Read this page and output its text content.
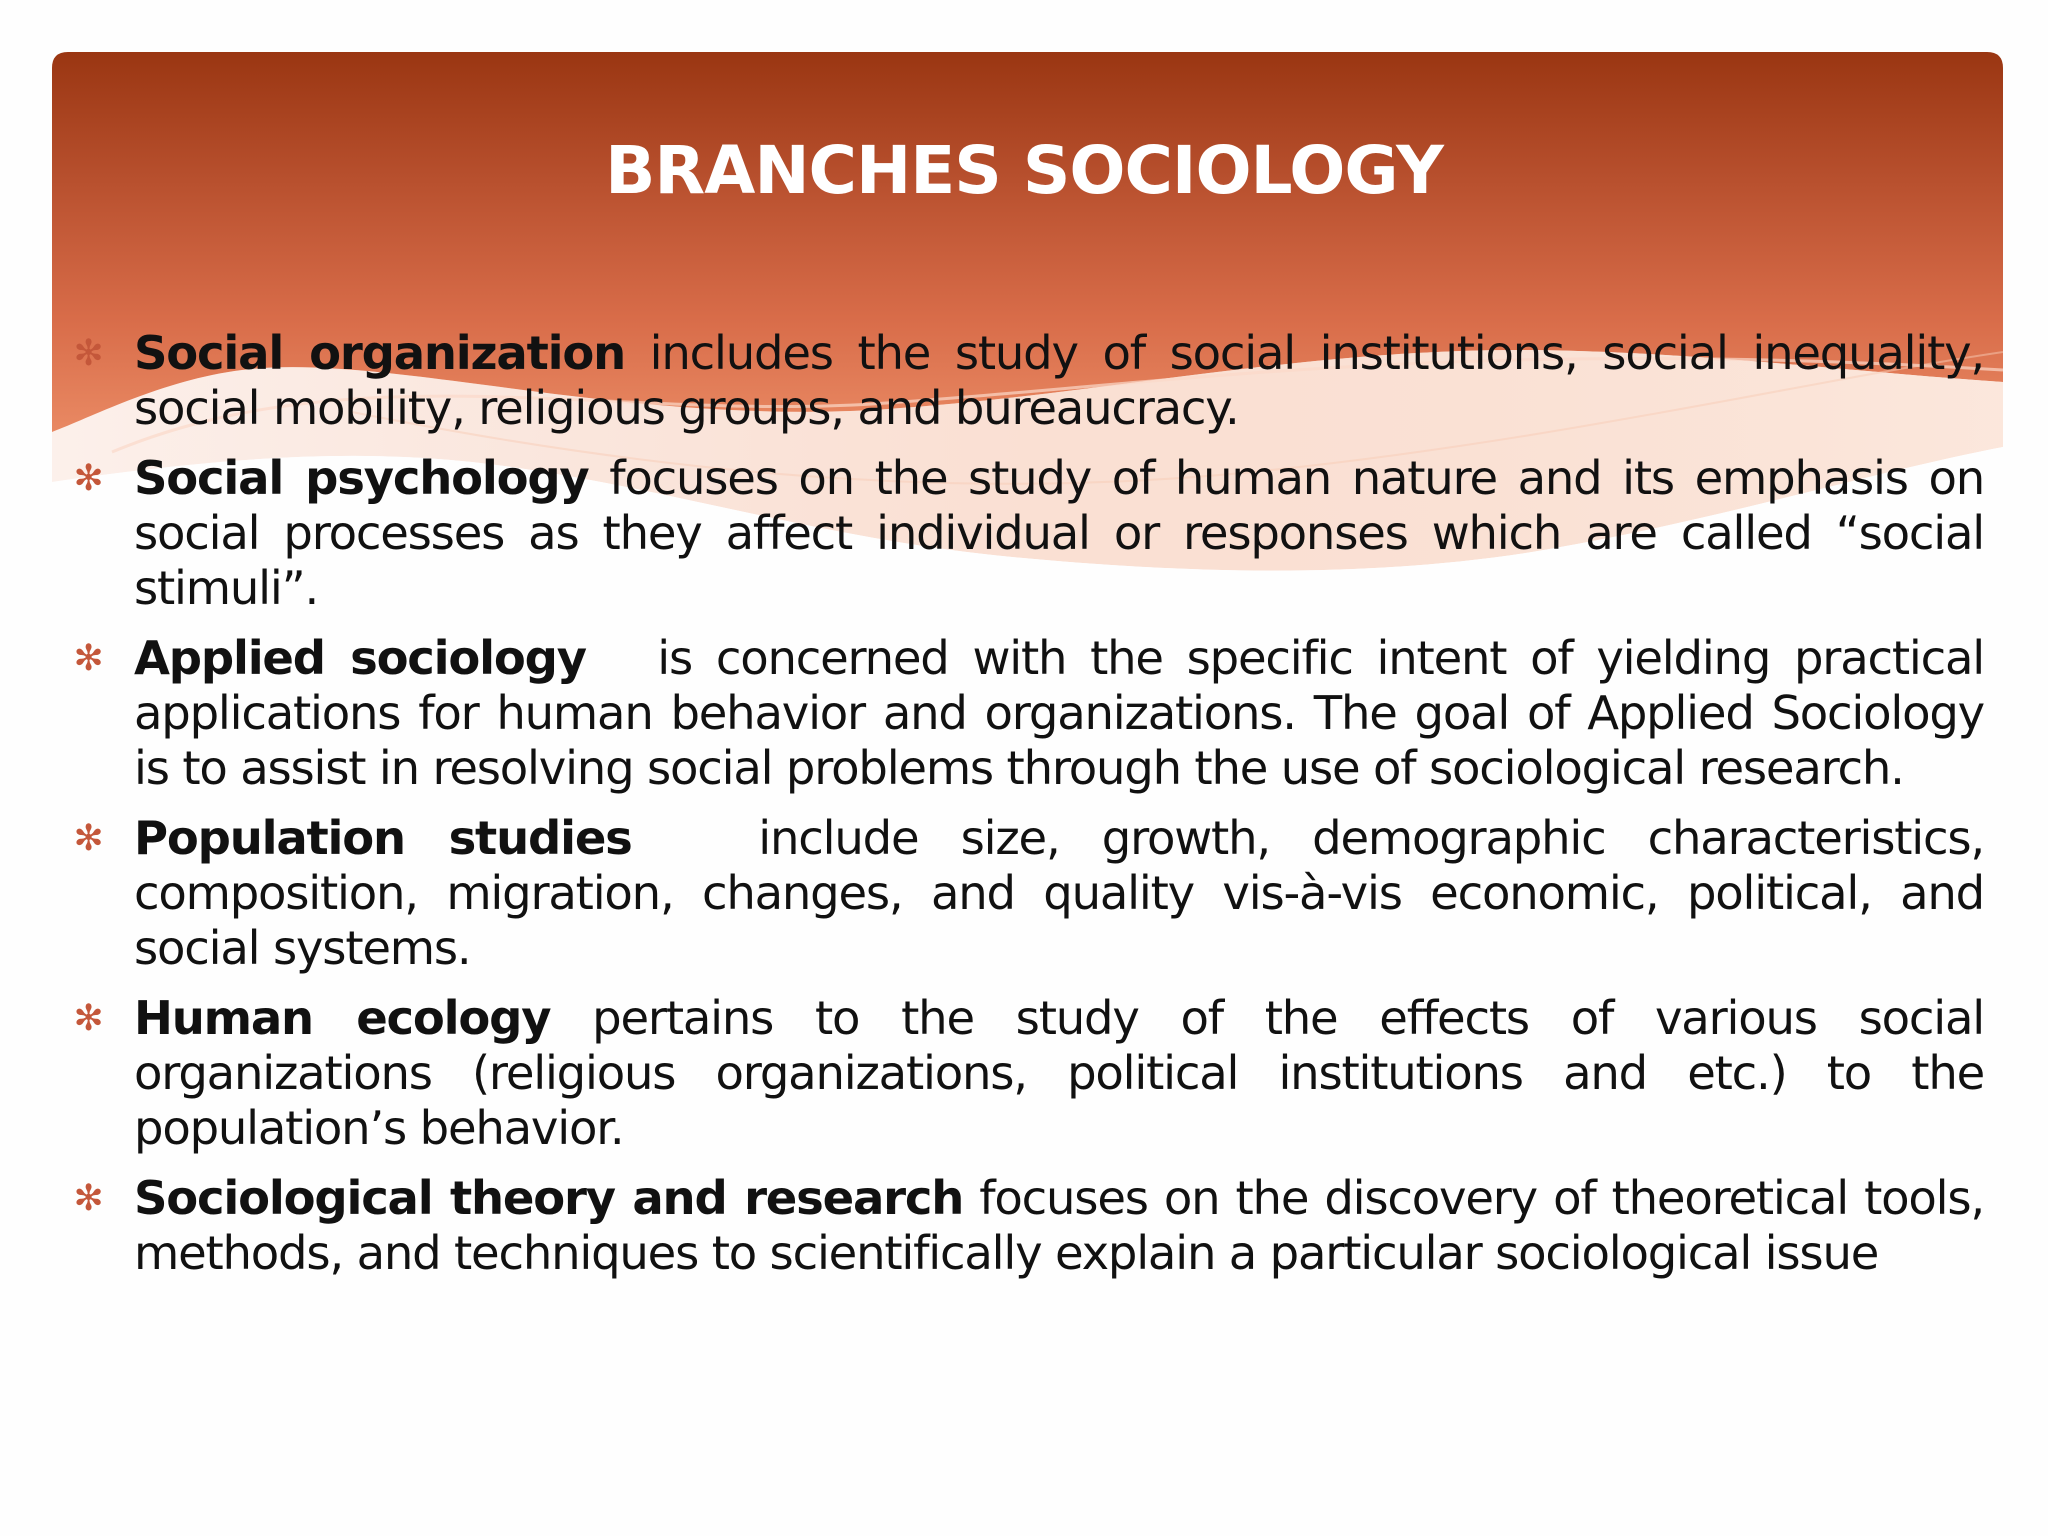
BRANCHES SOCIOLOGY
✻ Social organization includes the study of social institutions, social inequality, social mobility, religious groups, and bureaucracy.
✻ Social psychology focuses on the study of human nature and its emphasis on social processes as they affect individual or responses which are called “social stimuli”.
✻ Applied sociology   is concerned with the specific intent of yielding practical applications for human behavior and organizations. The goal of Applied Sociology is to assist in resolving social problems through the use of sociological research.
✻ Population studies   include size, growth, demographic characteristics, composition, migration, changes, and quality vis-à-vis economic, political, and social systems.
✻ Human ecology pertains to the study of the effects of various social organizations (religious organizations, political institutions and etc.) to the population’s behavior.
✻ Sociological theory and research focuses on the discovery of theoretical tools, methods, and techniques to scientifically explain a particular sociological issue
